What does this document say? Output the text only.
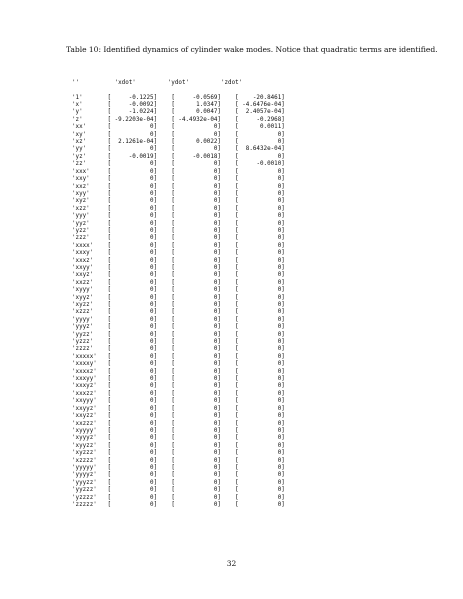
Table 10: Identified dynamics of cylinder wake modes. Notice that quadratic terms are identified.

''	'xdot'	'ydot'	'zdot'

'1'	[	-0.1225] [	-0.0569] [ -20.8461]
'x'	[	-0.0092] [	1.0347] [ -4.6476e-04]
'y'	[	-1.0224] [	0.0047] [ 2.4057e-04]
'z'	[ -9.2203e-04] [ -4.4932e-04] [	-0.2968]
'xx'	[	0] [	0] [	0.0011]
'xy'	[	0] [	0] [	0]
'xz'	[ 2.1261e-04] [	0.0022] [	0]
'yy'	[	0] [	0] [ 8.6432e-04]
'yz'	[	-0.0019] [	-0.0018] [	0]
'zz'	[	0] [	0] [	-0.0010]
'xxx'	[	0] [	0] [	0]
'xxy'	[	0] [	0] [	0]
'xxz'	[	0] [	0] [	0]
'xyy'	[	0] [	0] [	0]
'xyz'	[	0] [	0] [	0]
'xzz'	[	0] [	0] [	0]
'yyy'	[	0] [	0] [	0]
'yyz'	[	0] [	0] [	0]
'yzz'	[	0] [	0] [	0]
'zzz'	[	0] [	0] [	0]
'xxxx' [	0] [	0] [	0]
'xxxy' [	0] [	0] [	0]
'xxxz' [	0] [	0] [	0]
'xxyy' [	0] [	0] [	0]
'xxyz' [	0] [	0] [	0]
'xxzz' [	0] [	0] [	0]
'xyyy' [	0] [	0] [	0]
'xyyz' [	0] [	0] [	0]
'xyzz' [	0] [	0] [	0]
'xzzz' [	0] [	0] [	0]
'yyyy' [	0] [	0] [	0]
'yyyz' [	0] [	0] [	0]
'yyzz' [	0] [	0] [	0]
'yzzz' [	0] [	0] [	0]
'zzzz' [	0] [	0] [	0]
'xxxxx' [	0] [	0] [	0]
'xxxxy' [	0] [	0] [	0]
'xxxxz' [	0] [	0] [	0]
'xxxyy' [	0] [	0] [	0]
'xxxyz' [	0] [	0] [	0]
'xxxzz' [	0] [	0] [	0]
'xxyyy' [	0] [	0] [	0]
'xxyyz' [	0] [	0] [	0]
'xxyzz' [	0] [	0] [	0]
'xxzzz' [	0] [	0] [	0]
'xyyyy' [	0] [	0] [	0]
'xyyyz' [	0] [	0] [	0]
'xyyzz' [	0] [	0] [	0]
'xyzzz' [	0] [	0] [	0]
'xzzzz' [	0] [	0] [	0]
'yyyyy' [	0] [	0] [	0]
'yyyyz' [	0] [	0] [	0]
'yyyzz' [	0] [	0] [	0]
'yyzzz' [	0] [	0] [	0]
'yzzzz' [	0] [	0] [	0]
'zzzzz' [	0] [	0] [	0]
32
